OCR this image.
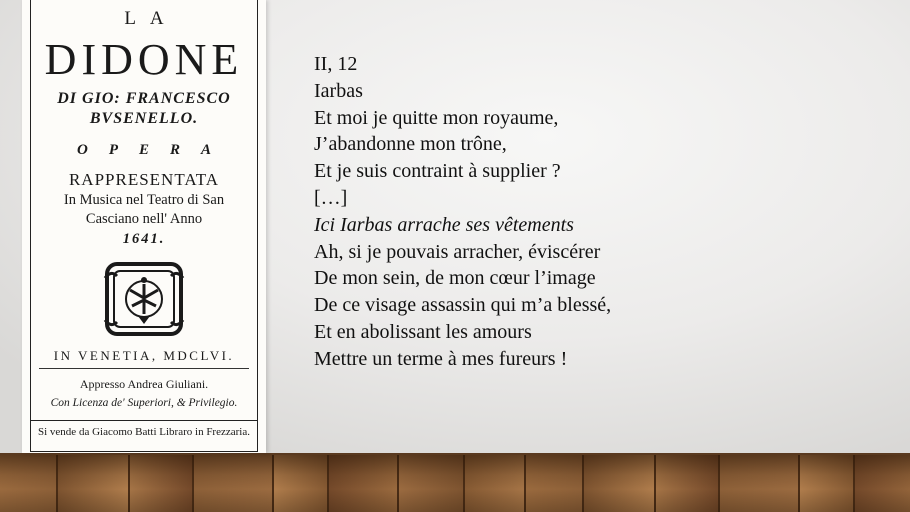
LA
DIDONE
DI GIO: FRANCESCO
BVSENELLO.
OPERA
RAPPRESENTATA
In Musica nel Teatro di San
Casciano nell' Anno
1641.
IN VENETIA, MDCLVI.
Appresso Andrea Giuliani.
Con Licenza de' Superiori, & Privilegio.
Si vende da Giacomo Batti Libraro in Frezzaria.
II, 12
Iarbas
Et moi je quitte mon royaume,
J’abandonne mon trône,
Et je suis contraint à supplier ?
[…]
Ici Iarbas arrache ses vêtements
Ah, si je pouvais arracher, éviscérer
De mon sein, de mon cœur l’image
De ce visage assassin qui m’a blessé,
Et en abolissant les amours
Mettre un terme à mes fureurs !
